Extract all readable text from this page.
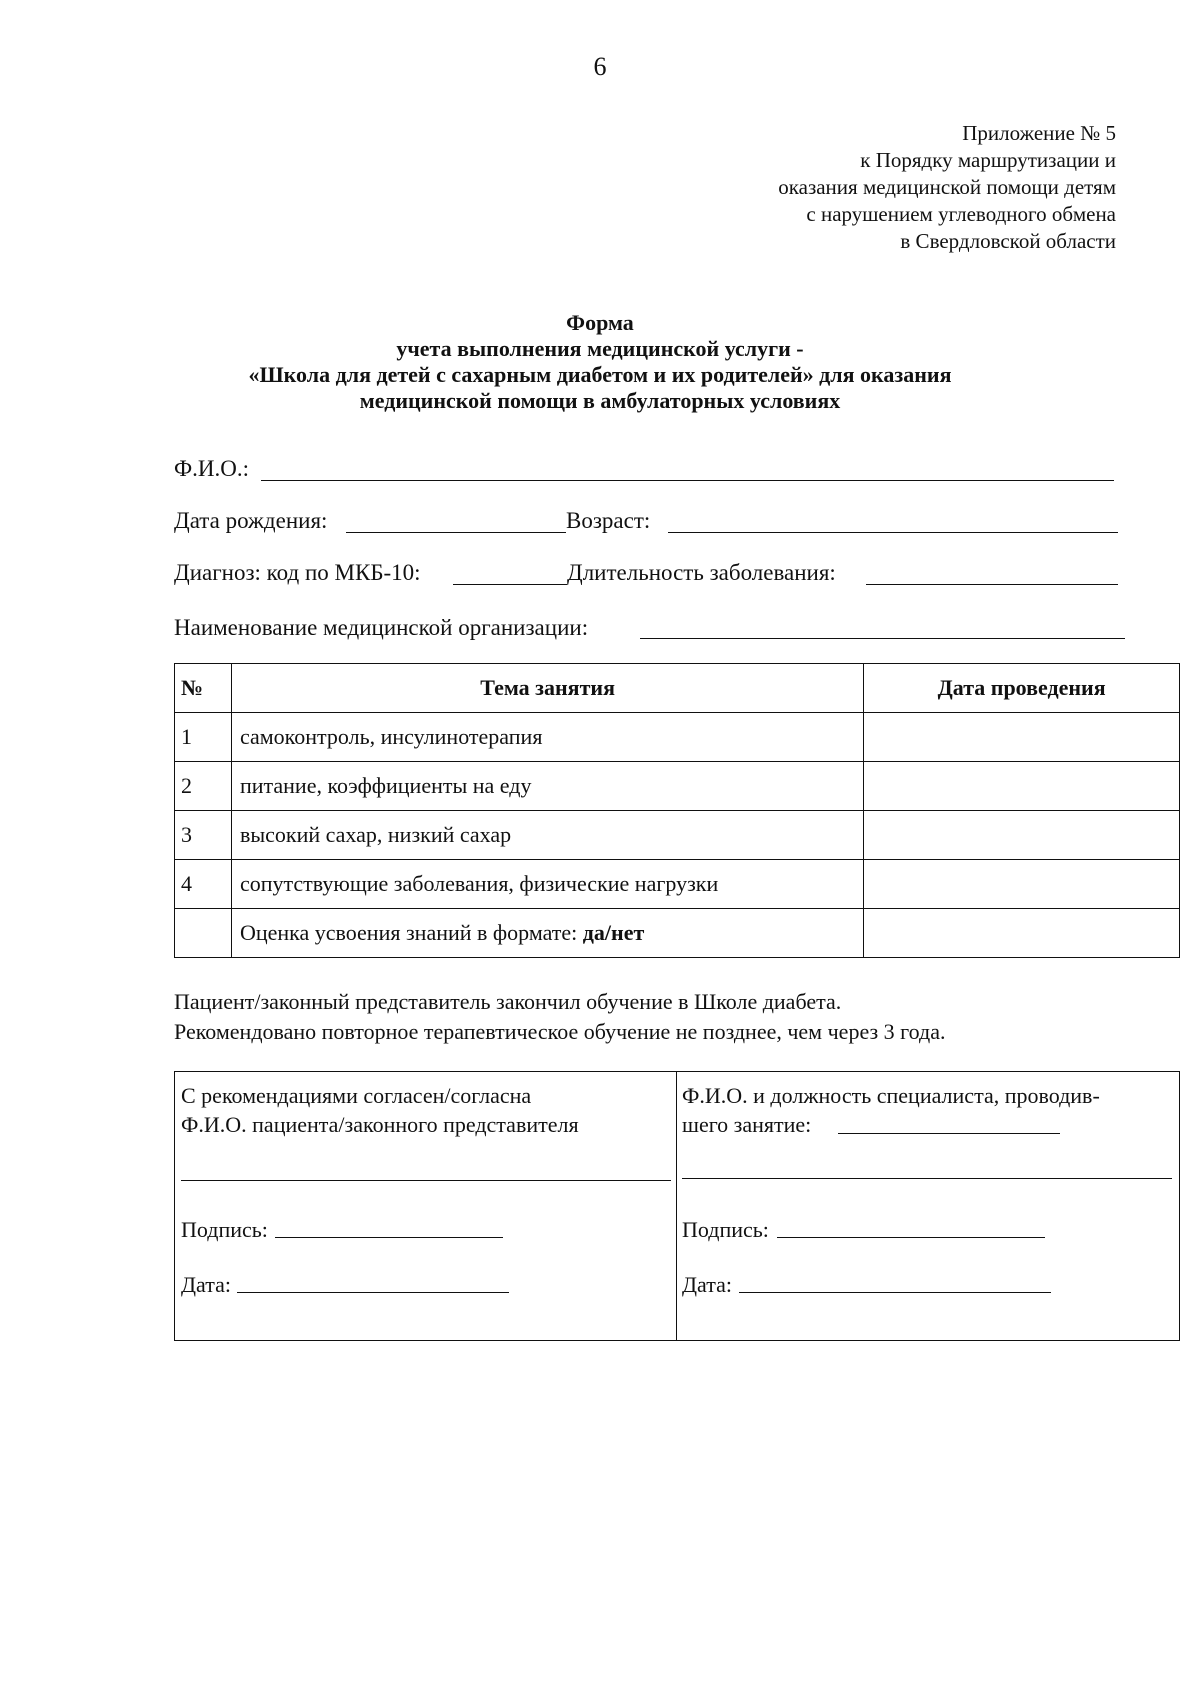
6
Приложение № 5
к Порядку маршрутизации и
оказания медицинской помощи детям
с нарушением углеводного обмена
в Свердловской области
Форма
учета выполнения медицинской услуги -
«Школа для детей с сахарным диабетом и их родителей» для оказания
медицинской помощи в амбулаторных условиях
Ф.И.О.:
Дата рождения:	Возраст:
Диагноз: код по МКБ-10:	Длительность заболевания:
Наименование медицинской организации:
№	Тема занятия	Дата проведения
1	самоконтроль, инсулинотерапия	
2	питание, коэффициенты на еду	
3	высокий сахар, низкий сахар	
4	сопутствующие заболевания, физические нагрузки	
	Оценка усвоения знаний в формате: да/нет	
Пациент/законный представитель закончил обучение в Школе диабета.
Рекомендовано повторное терапевтическое обучение не позднее, чем через 3 года.
С рекомендациями согласен/согласна
Ф.И.О. пациента/законного представителя
Подпись:
Дата:
Ф.И.О. и должность специалиста, проводив-
шего занятие:
Подпись:
Дата:
